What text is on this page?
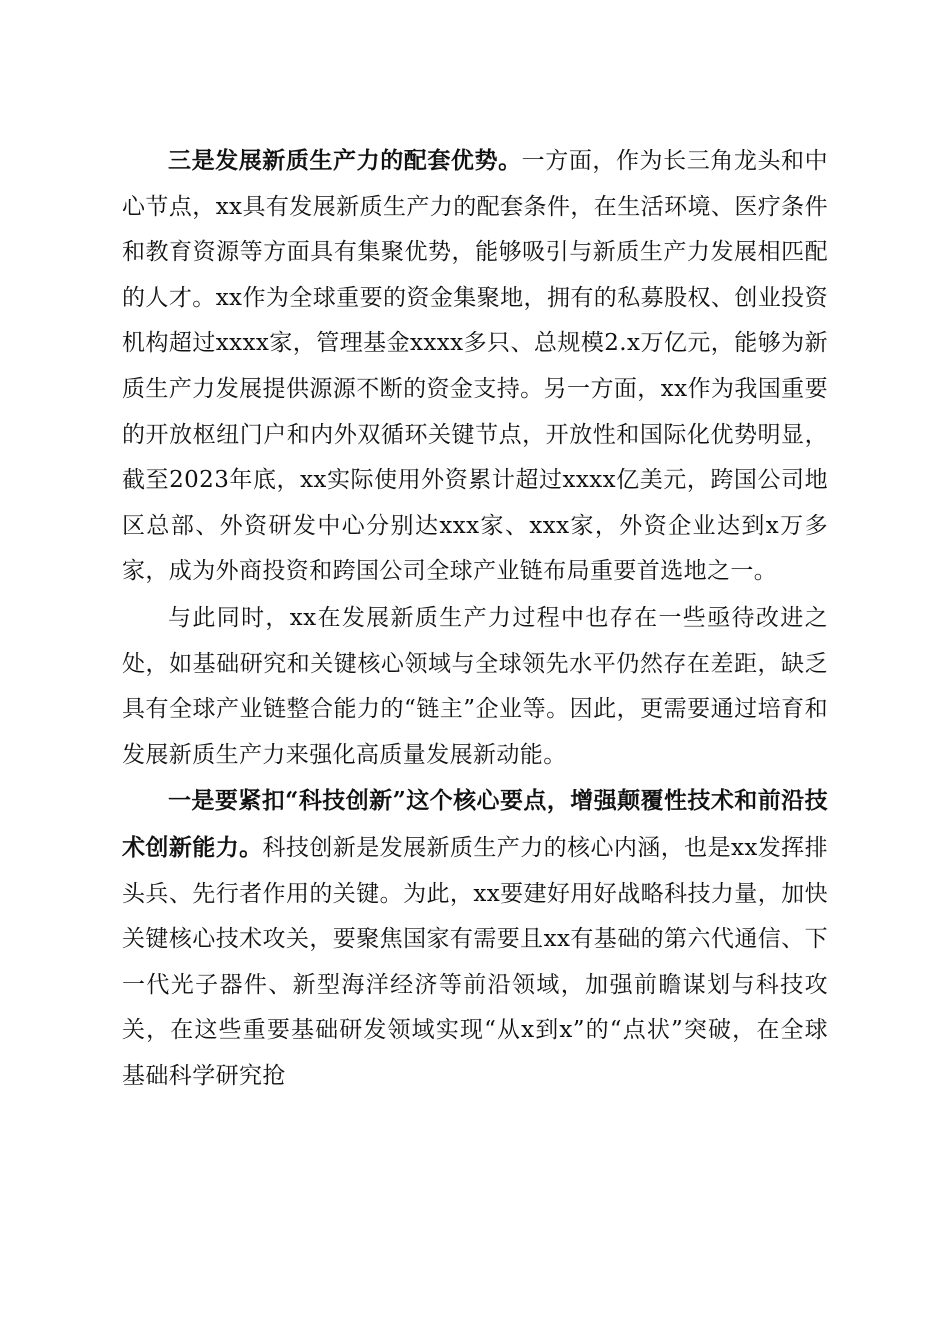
三是发展新质生产力的配套优势。一方面，作为长三角龙头和中心节点，xx具有发展新质生产力的配套条件，在生活环境、医疗条件和教育资源等方面具有集聚优势，能够吸引与新质生产力发展相匹配的人才。xx作为全球重要的资金集聚地，拥有的私募股权、创业投资机构超过xxxx家，管理基金xxxx多只、总规模2.x万亿元，能够为新质生产力发展提供源源不断的资金支持。另一方面，xx作为我国重要的开放枢纽门户和内外双循环关键节点，开放性和国际化优势明显，截至2023年底，xx实际使用外资累计超过xxxx亿美元，跨国公司地区总部、外资研发中心分别达xxx家、xxx家，外资企业达到x万多家，成为外商投资和跨国公司全球产业链布局重要首选地之一。

与此同时，xx在发展新质生产力过程中也存在一些亟待改进之处，如基础研究和关键核心领域与全球领先水平仍然存在差距，缺乏具有全球产业链整合能力的“链主”企业等。因此，更需要通过培育和发展新质生产力来强化高质量发展新动能。

一是要紧扣“科技创新”这个核心要点，增强颠覆性技术和前沿技术创新能力。科技创新是发展新质生产力的核心内涵，也是xx发挥排头兵、先行者作用的关键。为此，xx要建好用好战略科技力量，加快关键核心技术攻关，要聚焦国家有需要且xx有基础的第六代通信、下一代光子器件、新型海洋经济等前沿领域，加强前瞻谋划与科技攻关，在这些重要基础研发领域实现“从x到x”的“点状”突破，在全球基础科学研究抢
